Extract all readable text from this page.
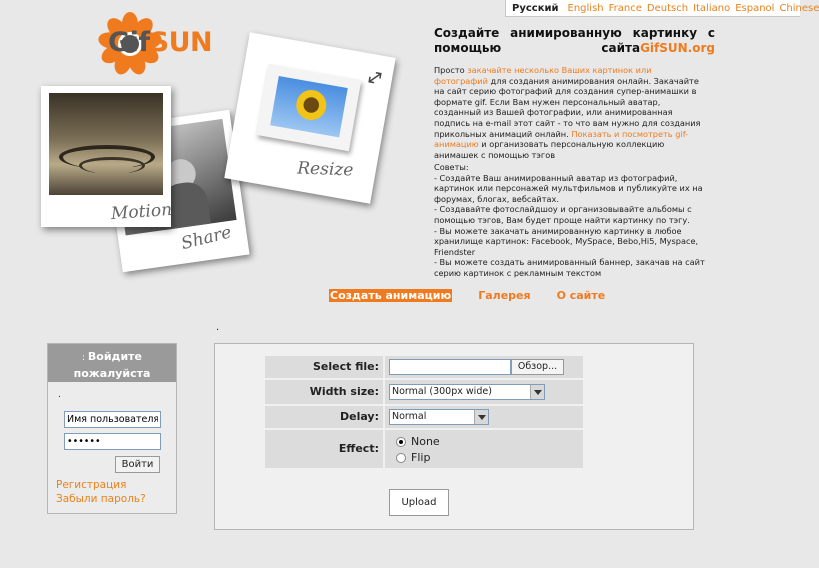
Русский English France Deutsch Italiano Espanol Chinese
GifSUN
Share
Motion
Resize
Создайте анимированную картинку с помощью сайтаGifSUN.org
Просто закачайте несколько Ваших картинок или фотографий для создания анимирования онлайн. Закачайте на сайт серию фотографий для создания супер-анимашки в формате gif. Если Вам нужен персональный аватар, созданный из Вашей фотографии, или анимированная подпись на e-mail этот сайт - то что вам нужно для создания прикольных анимаций онлайн. Показать и посмотреть gif-анимацию и организовать персональную коллекцию анимашек с помощью тэгов
Советы:
- Создайте Ваш анимированный аватар из фотографий, картинок или персонажей мультфильмов и публикуйте их на форумах, блогах, вебсайтах.
- Создавайте фотослайдшоу и организовывайте альбомы с помощью тэгов, Вам будет проще найти картинку по тэгу.
- Вы можете закачать анимированную картинку в любое хранилище картинок: Facebook, MySpace, Bebo,Hi5, Myspace, Friendster
- Вы можете создать анимированный баннер, закачав на сайт серию картинок с рекламным текстом
Создать анимацию Галерея О сайте
.
: Войдите
пожалуйста
.
Имя пользователя
••••••
Войти
Регистрация
Забыли пароль?
Select file:	Обзор...
Width size:	Normal (300px wide)
Delay:	Normal
Effect:
None
Flip
Upload
